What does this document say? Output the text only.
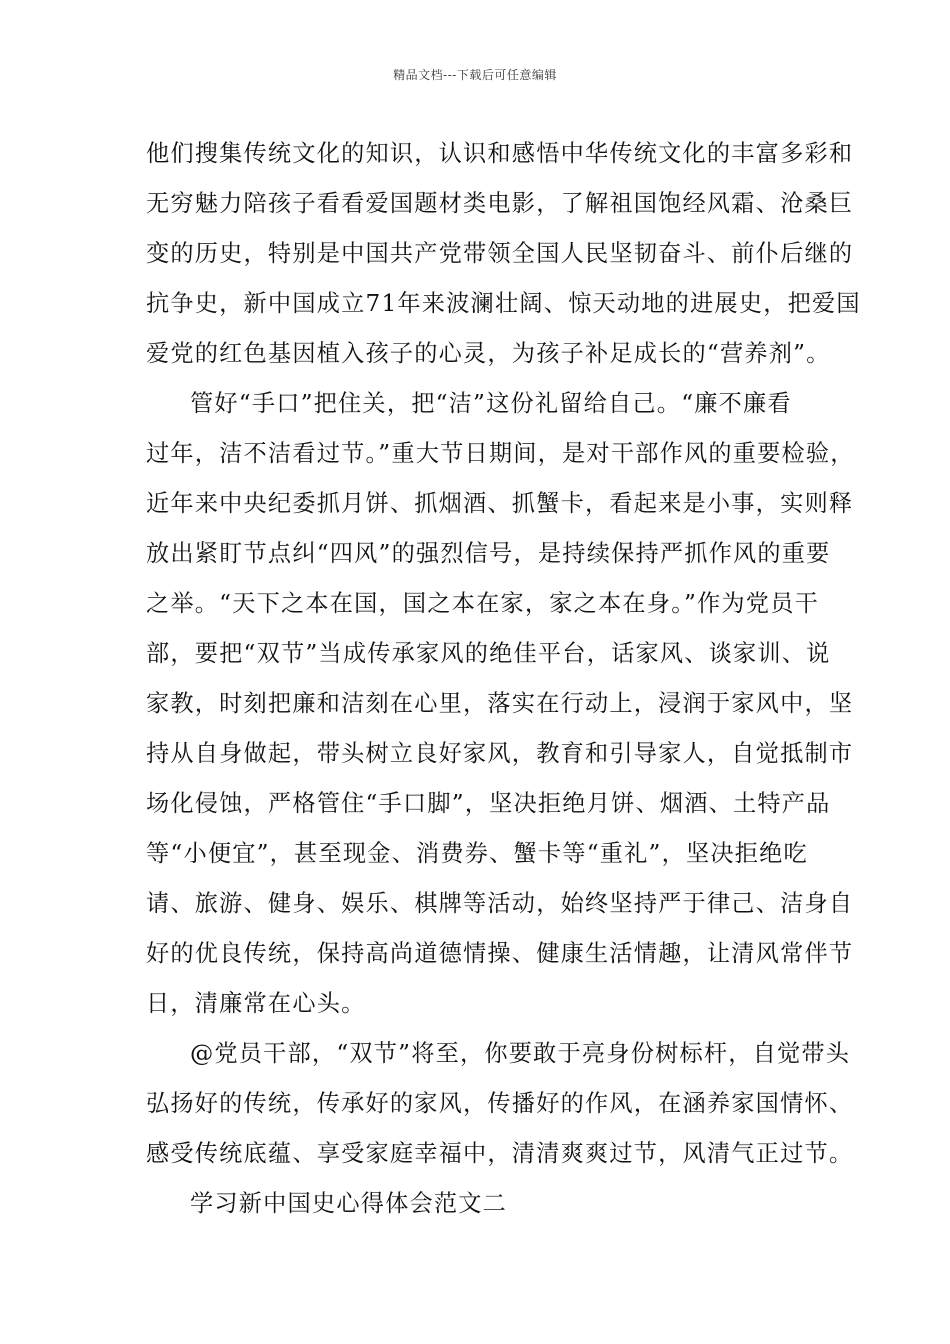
精品文档---下载后可任意编辑
他们搜集传统文化的知识，认识和感悟中华传统文化的丰富多彩和
无穷魅力陪孩子看看爱国题材类电影，了解祖国饱经风霜、沧桑巨
变的历史，特别是中国共产党带领全国人民坚韧奋斗、前仆后继的
抗争史，新中国成立71年来波澜壮阔、惊天动地的进展史，把爱国
爱党的红色基因植入孩子的心灵，为孩子补足成长的“营养剂”。
管好“手口”把住关，把“洁”这份礼留给自己。“廉不廉看
过年，洁不洁看过节。”重大节日期间，是对干部作风的重要检验，
近年来中央纪委抓月饼、抓烟酒、抓蟹卡，看起来是小事，实则释
放出紧盯节点纠“四风”的强烈信号，是持续保持严抓作风的重要
之举。“天下之本在国，国之本在家，家之本在身。”作为党员干
部，要把“双节”当成传承家风的绝佳平台，话家风、谈家训、说
家教，时刻把廉和洁刻在心里，落实在行动上，浸润于家风中，坚
持从自身做起，带头树立良好家风，教育和引导家人，自觉抵制市
场化侵蚀，严格管住“手口脚”，坚决拒绝月饼、烟酒、土特产品
等“小便宜”，甚至现金、消费券、蟹卡等“重礼”，坚决拒绝吃
请、旅游、健身、娱乐、棋牌等活动，始终坚持严于律己、洁身自
好的优良传统，保持高尚道德情操、健康生活情趣，让清风常伴节
日，清廉常在心头。
@党员干部，“双节”将至，你要敢于亮身份树标杆，自觉带头
弘扬好的传统，传承好的家风，传播好的作风，在涵养家国情怀、
感受传统底蕴、享受家庭幸福中，清清爽爽过节，风清气正过节。
学习新中国史心得体会范文二
